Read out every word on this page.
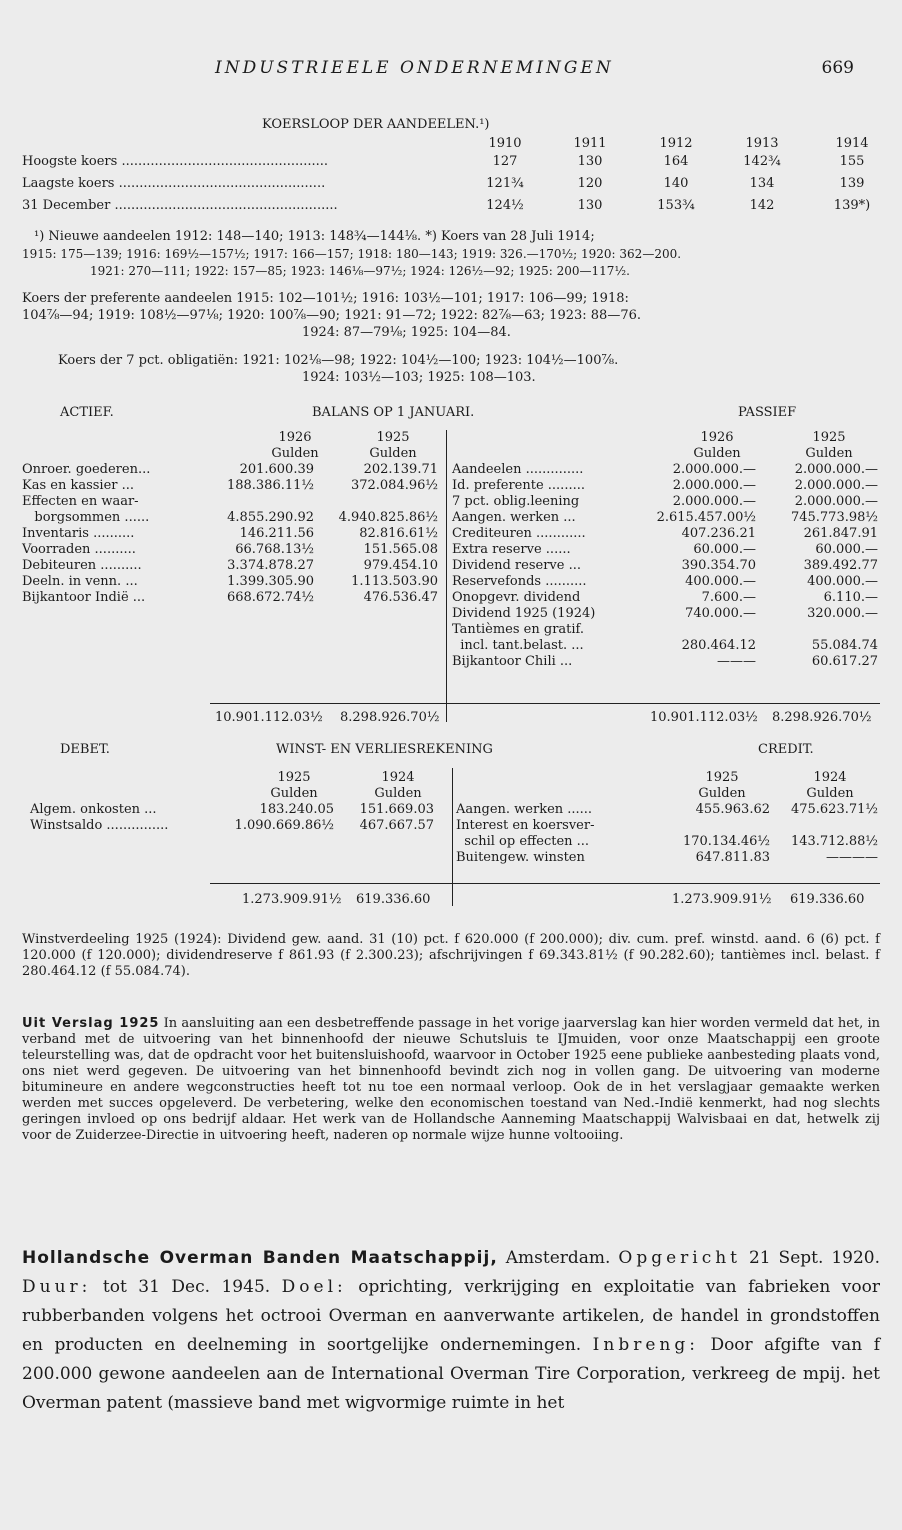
INDUSTRIEELE ONDERNEMINGEN	669
KOERSLOOP DER AANDEELEN.¹)
1910	1911	1912	1913	1914
Hoogste koers ..................................................	127	130	164	142¾	155
Laagste koers ..................................................	121¾	120	140	134	139
31 December ......................................................	124½	130	153¾	142	139*)
¹) Nieuwe aandeelen 1912: 148—140; 1913: 148¾—144⅛. *) Koers van 28 Juli 1914;
1915: 175—139; 1916: 169½—157½; 1917: 166—157; 1918: 180—143; 1919: 326.—170½; 1920: 362—200.
1921: 270—111; 1922: 157—85; 1923: 146⅛—97½; 1924: 126½—92; 1925: 200—117½.
Koers der preferente aandeelen 1915: 102—101½; 1916: 103½—101; 1917: 106—99; 1918:
104⅞—94; 1919: 108½—97⅛; 1920: 100⅞—90; 1921: 91—72; 1922: 82⅞—63; 1923: 88—76.
1924: 87—79⅛; 1925: 104—84.
Koers der 7 pct. obligatiën: 1921: 102⅛—98; 1922: 104½—100; 1923: 104½—100⅞.
1924: 103½—103; 1925: 108—103.
ACTIEF.	BALANS OP 1 JANUARI.	PASSIEF
1926	1925
Gulden	Gulden
Onroer. goederen...	201.600.39	202.139.71
Kas en kassier ...	188.386.11½	372.084.96½
Effecten en waar-
borgsommen ......	4.855.290.92 4.940.825.86½
Inventaris ..........	146.211.56	82.816.61½
Voorraden ..........	66.768.13½	151.565.08
Debiteuren ..........	3.374.878.27	979.454.10
Deeln. in venn. ...	1.399.305.90	1.113.503.90
Bijkantoor Indië ...	668.672.74½	476.536.47
1926	1925
Gulden	Gulden
Aandeelen ..............	2.000.000.—	2.000.000.—
Id. preferente .........	2.000.000.—	2.000.000.—
7 pct. oblig.leening	2.000.000.—	2.000.000.—
Aangen. werken ...	2.615.457.00½	745.773.98½
Crediteuren ............	407.236.21	261.847.91
Extra reserve ......	60.000.—	60.000.—
Dividend reserve ...	390.354.70	389.492.77
Reservefonds ..........	400.000.—	400.000.—
Onopgevr. dividend	7.600.—	6.110.—
Dividend 1925 (1924)	740.000.—	320.000.—
Tantièmes en gratif.
incl. tant.belast. ...	280.464.12	55.084.74
Bijkantoor Chili ...	———	60.617.27
10.901.112.03½ 8.298.926.70½	10.901.112.03½ 8.298.926.70½
DEBET.	WINST- EN VERLIESREKENING	CREDIT.
1925	1924
Gulden	Gulden
Algem. onkosten ...	183.240.05 151.669.03
Winstsaldo ...............	1.090.669.86½ 467.667.57
1925	1924
Gulden	Gulden
Aangen. werken ......	455.963.62 475.623.71½
Interest en koersver-
schil op effecten ...	170.134.46½ 143.712.88½
Buitengew. winsten	647.811.83	————
1.273.909.91½ 619.336.60	1.273.909.91½ 619.336.60
Winstverdeeling 1925 (1924): Dividend gew. aand. 31 (10) pct. f 620.000 (f 200.000); div. cum. pref. winstd. aand. 6 (6) pct. f 120.000 (f 120.000); dividendreserve f 861.93 (f 2.300.23); afschrijvingen f 69.343.81½ (f 90.282.60); tantièmes incl. belast. f 280.464.12 (f 55.084.74).
Uit Verslag 1925 In aansluiting aan een desbetreffende passage in het vorige jaarverslag kan hier worden vermeld dat het, in verband met de uitvoering van het binnenhoofd der nieuwe Schutsluis te IJmuiden, voor onze Maatschappij een groote teleurstelling was, dat de opdracht voor het buitensluishoofd, waarvoor in October 1925 eene publieke aanbesteding plaats vond, ons niet werd gegeven. De uitvoering van het binnenhoofd bevindt zich nog in vollen gang. De uitvoering van moderne bitumineure en andere wegconstructies heeft tot nu toe een normaal verloop. Ook de in het verslagjaar gemaakte werken werden met succes opgeleverd. De verbetering, welke den economischen toestand van Ned.-Indië kenmerkt, had nog slechts geringen invloed op ons bedrijf aldaar. Het werk van de Hollandsche Aanneming Maatschappij Walvisbaai en dat, hetwelk zij voor de Zuiderzee-Directie in uitvoering heeft, naderen op normale wijze hunne voltooiing.
Hollandsche Overman Banden Maatschappij, Amsterdam. Opgericht 21 Sept. 1920. Duur: tot 31 Dec. 1945. Doel: oprichting, verkrijging en exploitatie van fabrieken voor rubberbanden volgens het octrooi Overman en aanverwante artikelen, de handel in grondstoffen en producten en deelneming in soortgelijke ondernemingen. Inbreng: Door afgifte van f 200.000 gewone aandeelen aan de International Overman Tire Corporation, verkreeg de mpij. het Overman patent (massieve band met wigvormige ruimte in het
